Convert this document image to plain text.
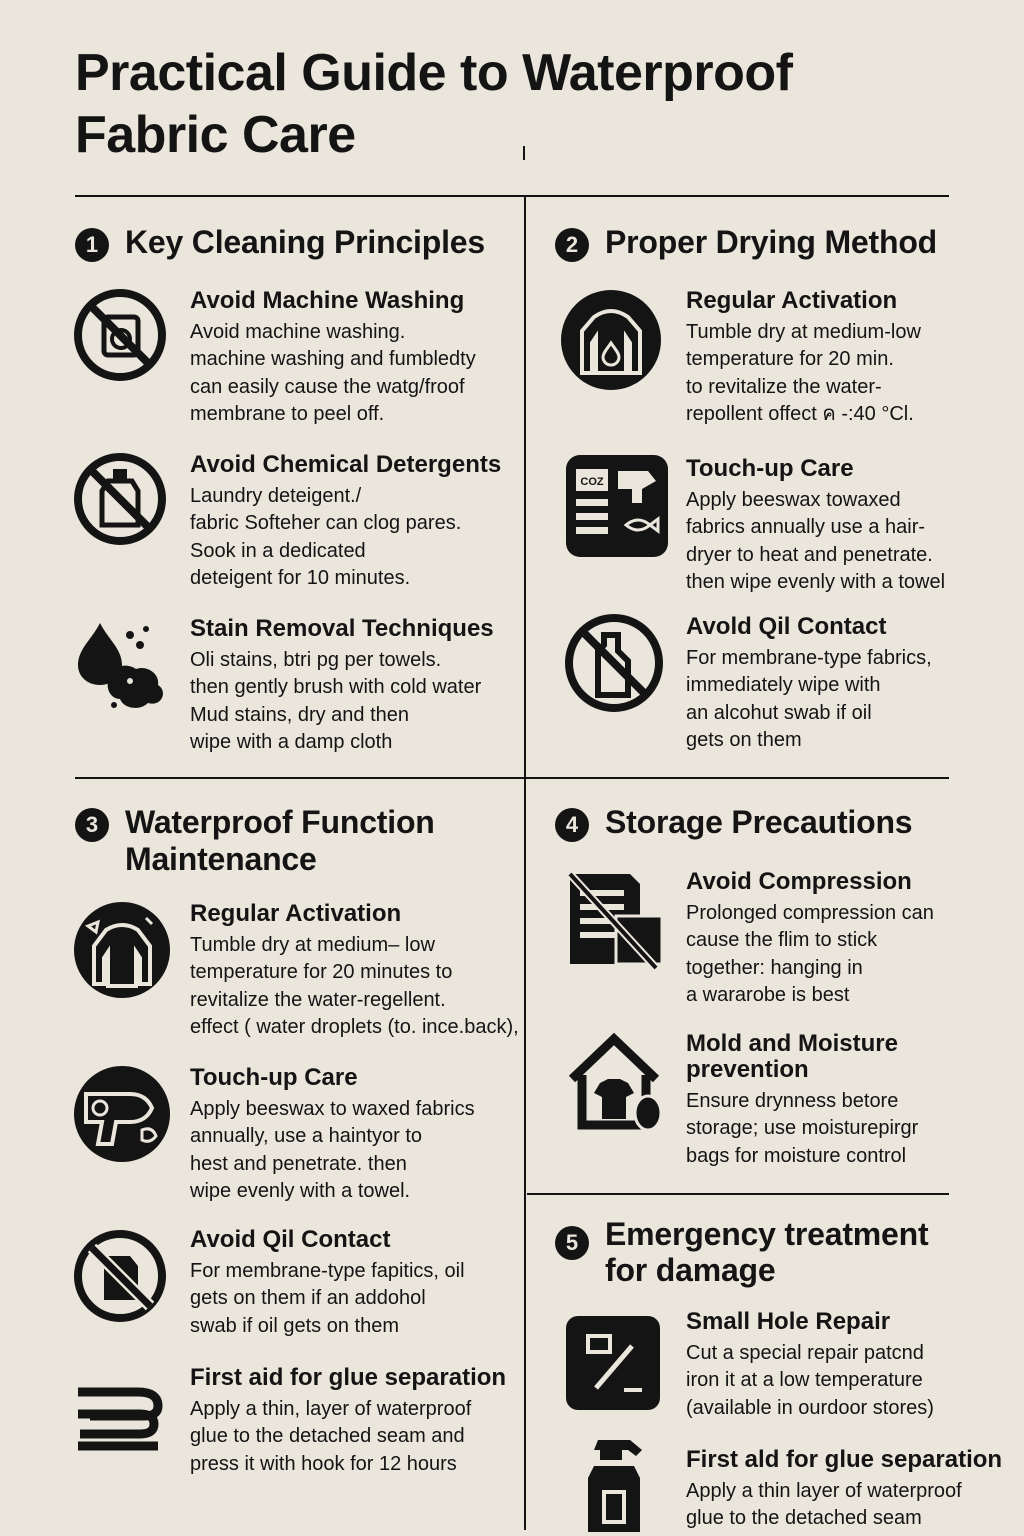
Practical Guide to Waterproof Fabric Care
1 Key Cleaning Principles
Avoid Machine Washing
Avoid machine washing.
machine washing and fumbledty
can easily cause the watg/froof
membrane to peel off.
Avoid Chemical Detergents
Laundry deteigent./
fabric Softeher can clog pares.
Sook in a dedicated
deteigent for 10 minutes.
Stain Removal Techniques
Oli stains, btri pg per towels.
then gently brush with cold water
Mud stains, dry and then
wipe with a damp cloth
2 Proper Drying Method
Regular Activation
Tumble dry at medium-low
temperature for 20 min.
to revitalize the water-
repollent offect ค -:40 °Cl.
COZ	Touch-up Care
Apply beeswax towaxed
fabrics annually use a hair-
dryer to heat and penetrate.
then wipe evenly with a towel
Avold Qil Contact
For membrane-type fabrics,
immediately wipe with
an alcohut swab if oil
gets on them
3 Waterproof Function
Maintenance
Regular Activation
Tumble dry at medium– low
temperature for 20 minutes to
revitalize the water-regellent.
effect ( water droplets (to. ince.back),
Touch-up Care
Apply beeswax to waxed fabrics
annually, use a haintyor to
hest and penetrate. then
wipe evenly with a towel.
Avoid Qil Contact
For membrane-type fapitics, oil
gets on them if an addohol
swab if oil gets on them
First aid for glue separation
Apply a thin, layer of waterproof
glue to the detached seam and
press it with hook for 12 hours
4 Storage Precautions
Avoid Compression
Prolonged compression can
cause the flim to stick
together: hanging in
a wararobe is best
Mold and Moisture
prevention
Ensure drynness betore
storage; use moisturepirgr
bags for moisture control
5 Emergency treatment
for damage
Small Hole Repair
Cut a special repair patcnd
iron it at a low temperature
(available in ourdoor stores)
First ald for glue separation
Apply a thin layer of waterproof
glue to the detached seam
